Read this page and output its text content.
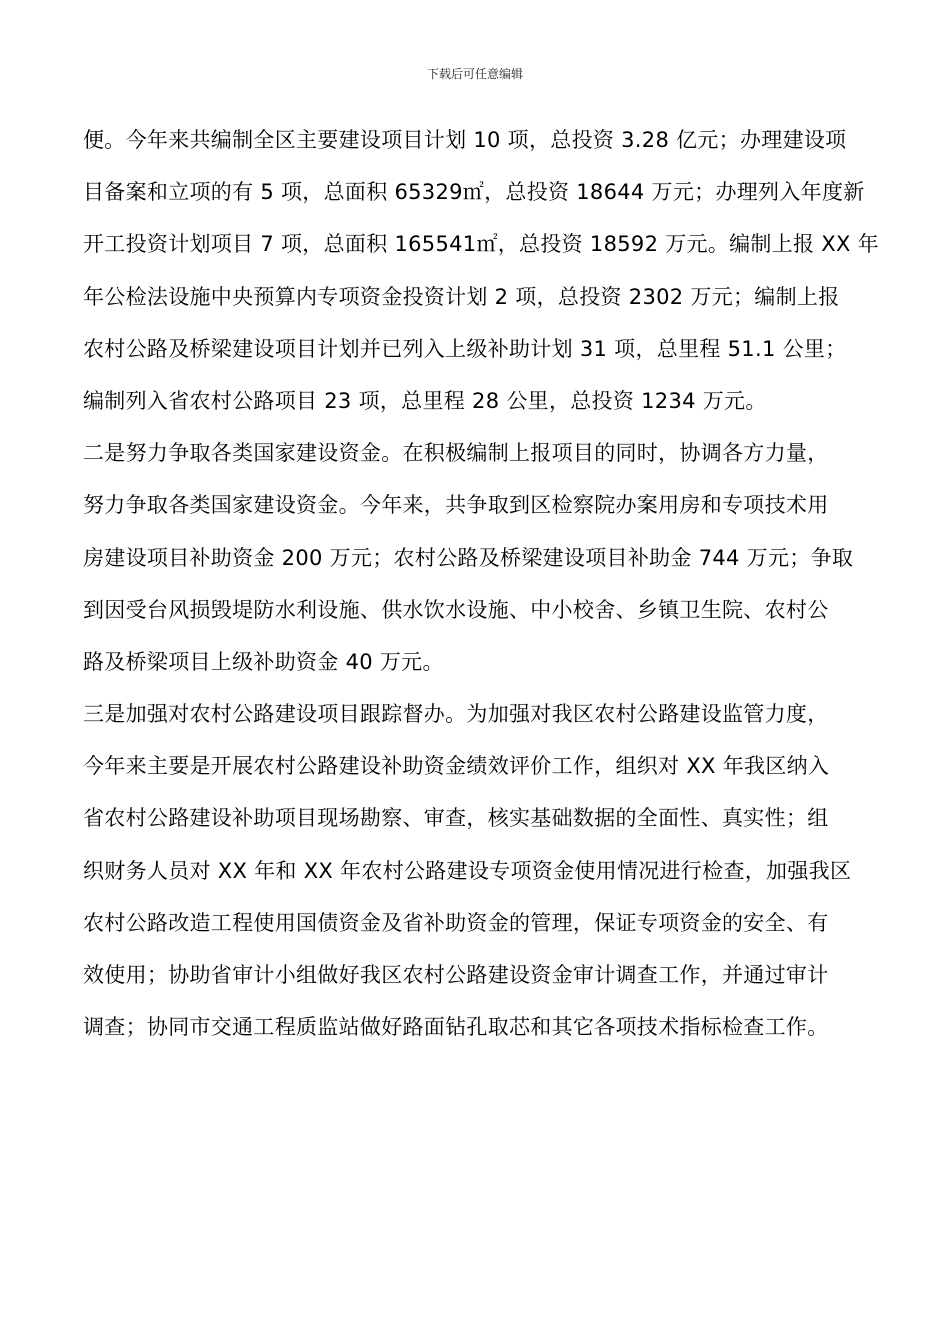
下载后可任意编辑
便。今年来共编制全区主要建设项目计划 10 项，总投资 3.28 亿元；办理建设项
目备案和立项的有 5 项，总面积 65329㎡，总投资 18644 万元；办理列入年度新
开工投资计划项目 7 项，总面积 165541㎡，总投资 18592 万元。编制上报 XX 年
年公检法设施中央预算内专项资金投资计划 2 项，总投资 2302 万元；编制上报
农村公路及桥梁建设项目计划并已列入上级补助计划 31 项，总里程 51.1 公里；
编制列入省农村公路项目 23 项，总里程 28 公里，总投资 1234 万元。
二是努力争取各类国家建设资金。在积极编制上报项目的同时，协调各方力量，
努力争取各类国家建设资金。今年来，共争取到区检察院办案用房和专项技术用
房建设项目补助资金 200 万元；农村公路及桥梁建设项目补助金 744 万元；争取
到因受台风损毁堤防水利设施、供水饮水设施、中小校舍、乡镇卫生院、农村公
路及桥梁项目上级补助资金 40 万元。
三是加强对农村公路建设项目跟踪督办。为加强对我区农村公路建设监管力度，
今年来主要是开展农村公路建设补助资金绩效评价工作，组织对 XX 年我区纳入
省农村公路建设补助项目现场勘察、审查，核实基础数据的全面性、真实性；组
织财务人员对 XX 年和 XX 年农村公路建设专项资金使用情况进行检查，加强我区
农村公路改造工程使用国债资金及省补助资金的管理，保证专项资金的安全、有
效使用；协助省审计小组做好我区农村公路建设资金审计调查工作，并通过审计
调查；协同市交通工程质监站做好路面钻孔取芯和其它各项技术指标检查工作。
